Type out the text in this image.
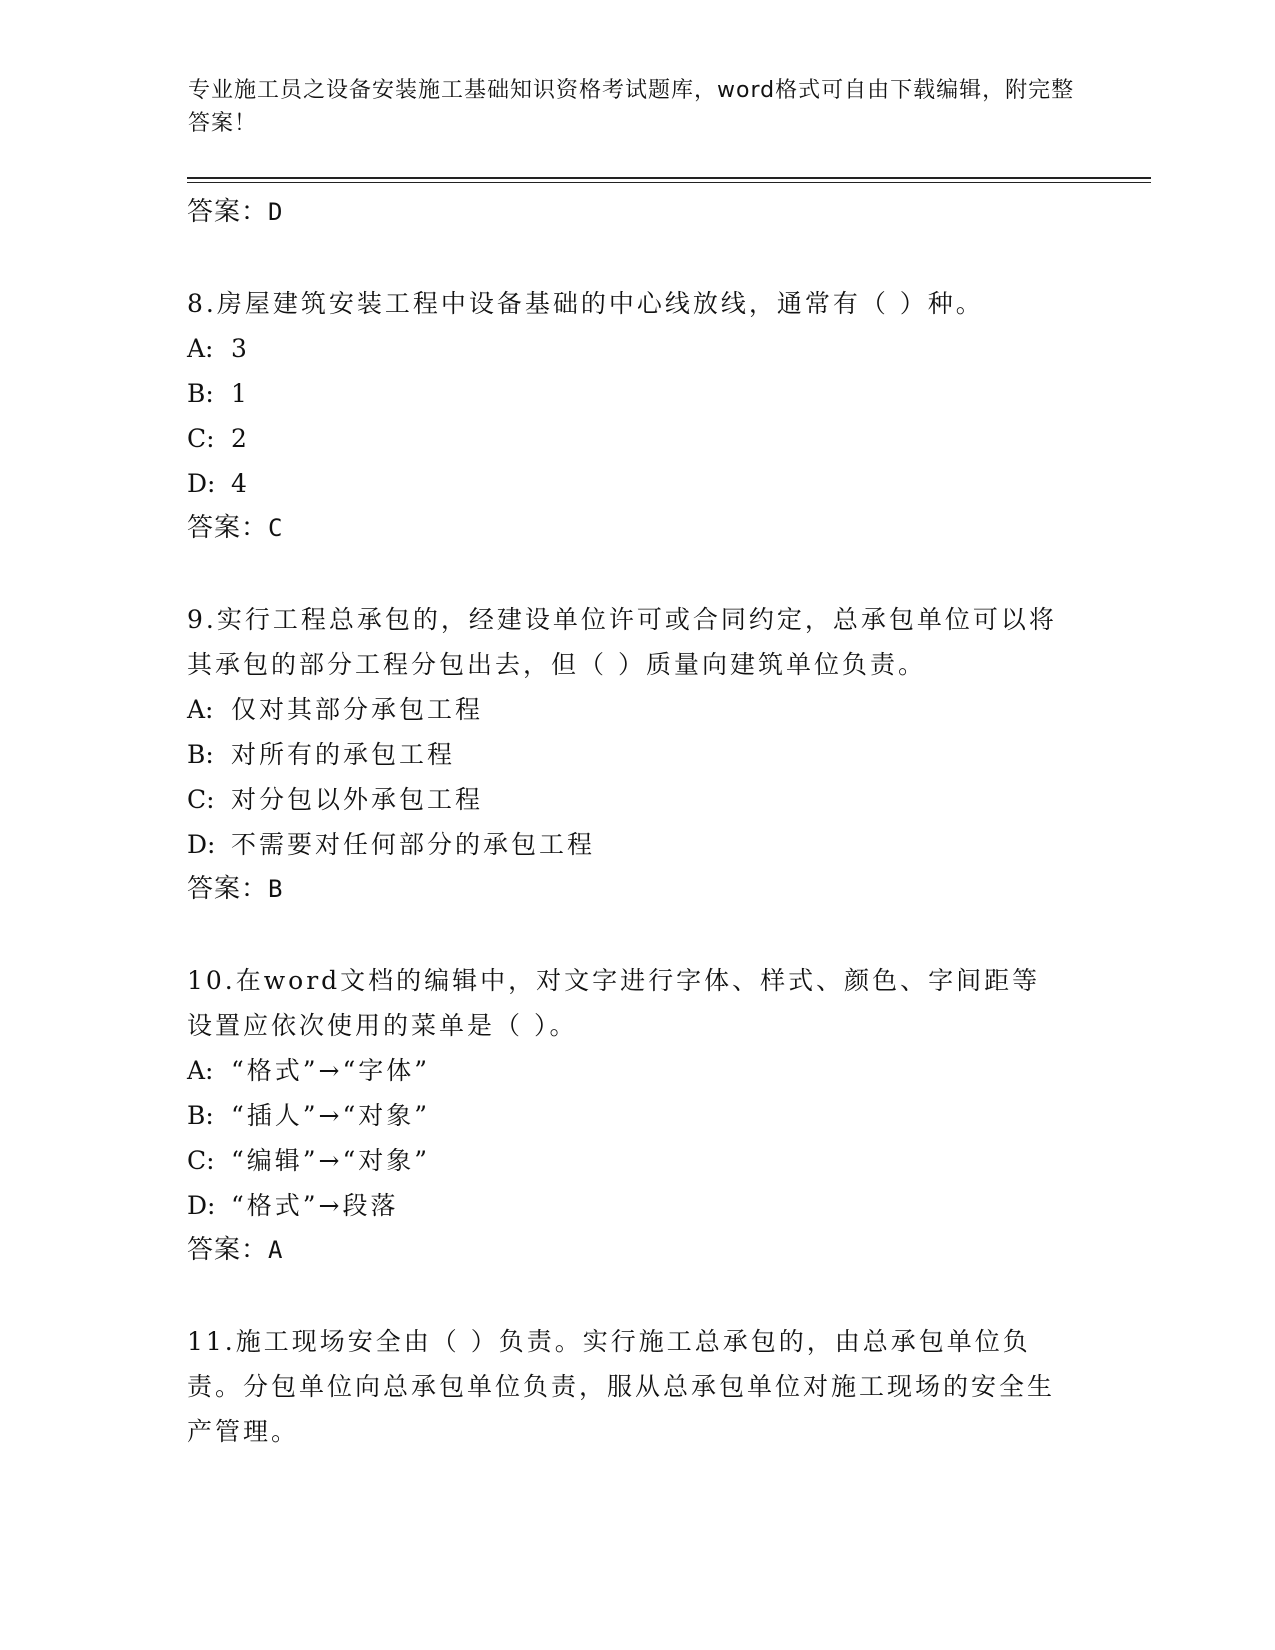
专业施工员之设备安装施工基础知识资格考试题库，word格式可自由下载编辑，附完整答案！
答案：D
8.房屋建筑安装工程中设备基础的中心线放线，通常有（ ）种。
A: 3
B: 1
C: 2
D: 4
答案：C
9.实行工程总承包的，经建设单位许可或合同约定，总承包单位可以将其承包的部分工程分包出去，但（ ）质量向建筑单位负责。
A: 仅对其部分承包工程
B: 对所有的承包工程
C: 对分包以外承包工程
D: 不需要对任何部分的承包工程
答案：B
10.在word文档的编辑中，对文字进行字体、样式、颜色、字间距等设置应依次使用的菜单是（ ）。
A: “格式”→“字体”
B: “插人”→“对象”
C: “编辑”→“对象”
D: “格式”→段落
答案：A
11.施工现场安全由（ ）负责。实行施工总承包的，由总承包单位负责。分包单位向总承包单位负责，服从总承包单位对施工现场的安全生产管理。
